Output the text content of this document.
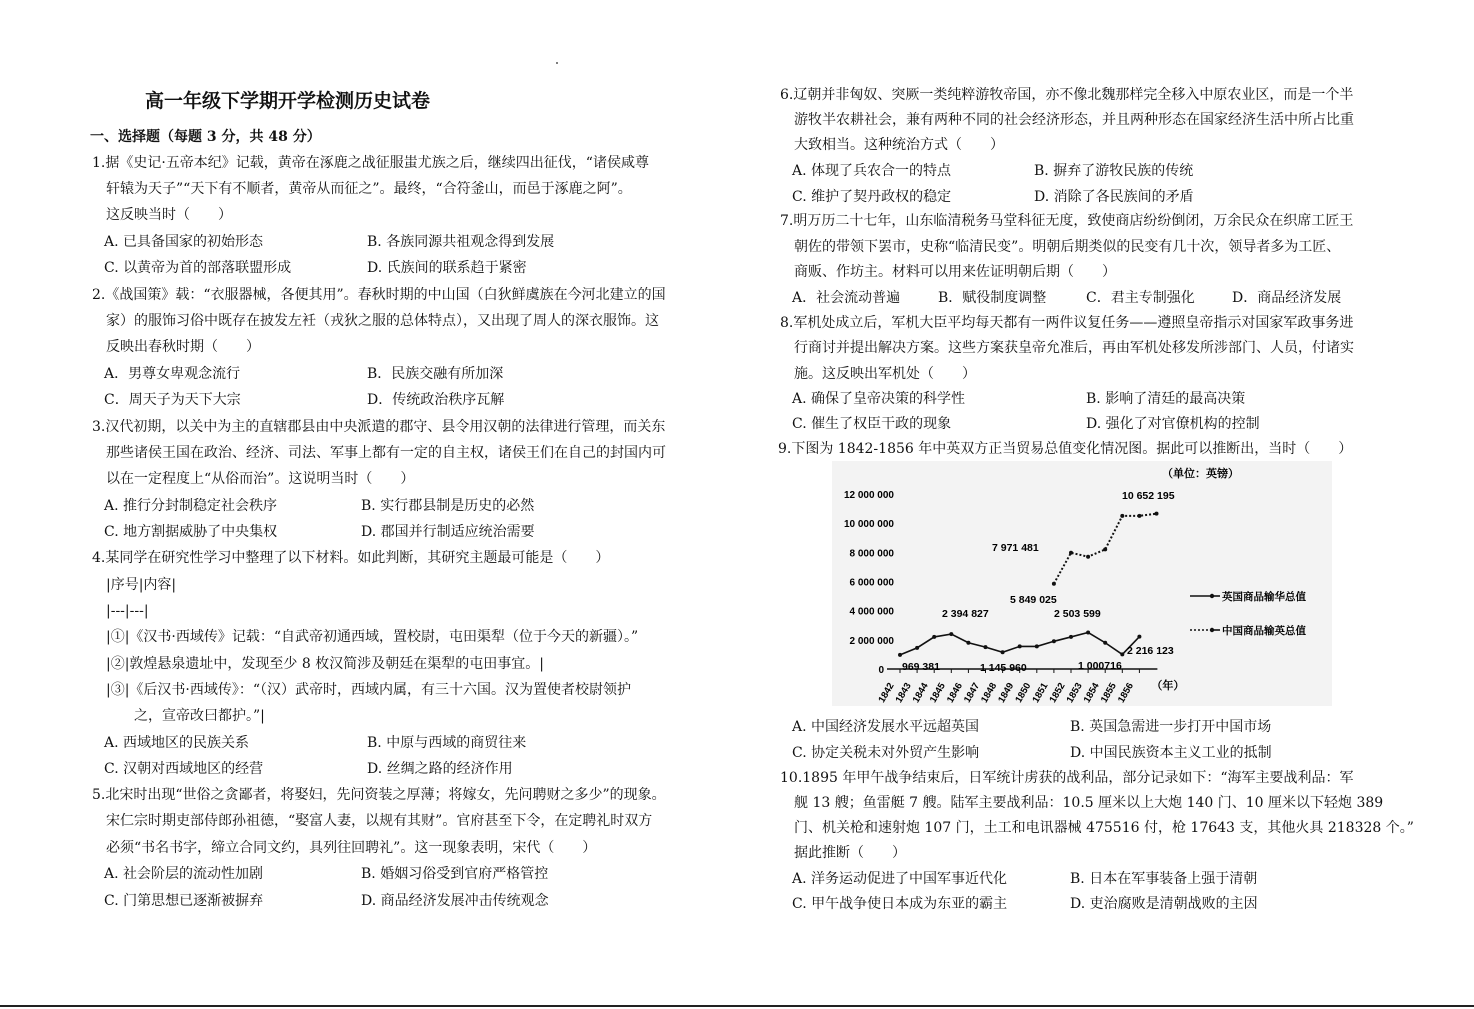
高一年级下学期开学检测历史试卷
一、选择题（每题 3 分，共 48 分）
1.据《史记·五帝本纪》记载，黄帝在涿鹿之战征服蚩尤族之后，继续四出征伐，“诸侯咸尊
轩辕为天子”“天下有不顺者，黄帝从而征之”。最终，“合符釜山，而邑于涿鹿之阿”。
这反映当时（　　）
A. 已具备国家的初始形态	B. 各族同源共祖观念得到发展
C. 以黄帝为首的部落联盟形成	D. 氏族间的联系趋于紧密
2.《战国策》载：“衣服器械，各便其用”。春秋时期的中山国（白狄鲜虞族在今河北建立的国
家）的服饰习俗中既存在披发左衽（戎狄之服的总体特点），又出现了周人的深衣服饰。这
反映出春秋时期（　　）
A．男尊女卑观念流行	B．民族交融有所加深
C．周天子为天下大宗	D．传统政治秩序瓦解
3.汉代初期，以关中为主的直辖郡县由中央派遣的郡守、县令用汉朝的法律进行管理，而关东
那些诸侯王国在政治、经济、司法、军事上都有一定的自主权，诸侯王们在自己的封国内可
以在一定程度上“从俗而治”。这说明当时（　　）
A. 推行分封制稳定社会秩序	B. 实行郡县制是历史的必然
C. 地方割据威胁了中央集权	D. 郡国并行制适应统治需要
4.某同学在研究性学习中整理了以下材料。如此判断，其研究主题最可能是（　　）
|序号|内容|
|---|---|
|①|《汉书·西域传》记载：“自武帝初通西域，置校尉，屯田渠犁（位于今天的新疆）。”
|②|敦煌悬泉遗址中，发现至少 8 枚汉简涉及朝廷在渠犁的屯田事宜。|
|③|《后汉书·西域传》：“（汉）武帝时，西域内属，有三十六国。汉为置使者校尉领护
之，宣帝改曰都护。”|
A. 西域地区的民族关系	B. 中原与西域的商贸往来
C. 汉朝对西域地区的经营	D. 丝绸之路的经济作用
5.北宋时出现“世俗之贪鄙者，将娶妇，先问资装之厚薄；将嫁女，先问聘财之多少”的现象。
宋仁宗时期吏部侍郎孙祖德，“娶富人妻，以规有其财”。官府甚至下令，在定聘礼时双方
必须“书名书字，缔立合同文约，具列往回聘礼”。这一现象表明，宋代（　　）
A. 社会阶层的流动性加剧	B. 婚姻习俗受到官府严格管控
C. 门第思想已逐渐被摒弃	D. 商品经济发展冲击传统观念
6.辽朝并非匈奴、突厥一类纯粹游牧帝国，亦不像北魏那样完全移入中原农业区，而是一个半
游牧半农耕社会，兼有两种不同的社会经济形态，并且两种形态在国家经济生活中所占比重
大致相当。这种统治方式（　　）
A. 体现了兵农合一的特点	B. 摒弃了游牧民族的传统
C. 维护了契丹政权的稳定	D. 消除了各民族间的矛盾
7.明万历二十七年，山东临清税务马堂科征无度，致使商店纷纷倒闭，万余民众在织席工匠王
朝佐的带领下罢市，史称“临清民变”。明朝后期类似的民变有几十次，领导者多为工匠、
商贩、作坊主。材料可以用来佐证明朝后期（　　）
A．社会流动普遍	B．赋役制度调整	C．君主专制强化	D．商品经济发展
8.军机处成立后，军机大臣平均每天都有一两件议复任务——遵照皇帝指示对国家军政事务进
行商讨并提出解决方案。这些方案获皇帝允准后，再由军机处移发所涉部门、人员，付诸实
施。这反映出军机处（　　）
A. 确保了皇帝决策的科学性	B. 影响了清廷的最高决策
C. 催生了权臣干政的现象	D. 强化了对官僚机构的控制
9.下图为 1842-1856 年中英双方正当贸易总值变化情况图。据此可以推断出，当时（　　）
A. 中国经济发展水平远超英国	B. 英国急需进一步打开中国市场
C. 协定关税未对外贸产生影响	D. 中国民族资本主义工业的抵制
10.1895 年甲午战争结束后，日军统计虏获的战利品，部分记录如下：“海军主要战利品：军
舰 13 艘；鱼雷艇 7 艘。陆军主要战利品：10.5 厘米以上大炮 140 门、10 厘米以下轻炮 389
门、机关枪和速射炮 107 门，土工和电讯器械 475516 付，枪 17643 支，其他火具 218328 个。”
据此推断（　　）
A. 洋务运动促进了中国军事近代化	B. 日本在军事装备上强于清朝
C. 甲午战争使日本成为东亚的霸主	D. 吏治腐败是清朝战败的主因
（单位：英镑）
0
2 000 000
4 000 000
6 000 000
8 000 000
10 000 000
12 000 000
1842
1843
1844
1845
1846
1847
1848
1849
1850
1851
1852
1853
1854
1855
1856 （年）
英国商品输华总值
中国商品输英总值
969 381
2 394 827
1 145 960
2 503 599
1 000716
2 216 123
5 849 025
7 971 481
10 652 195
